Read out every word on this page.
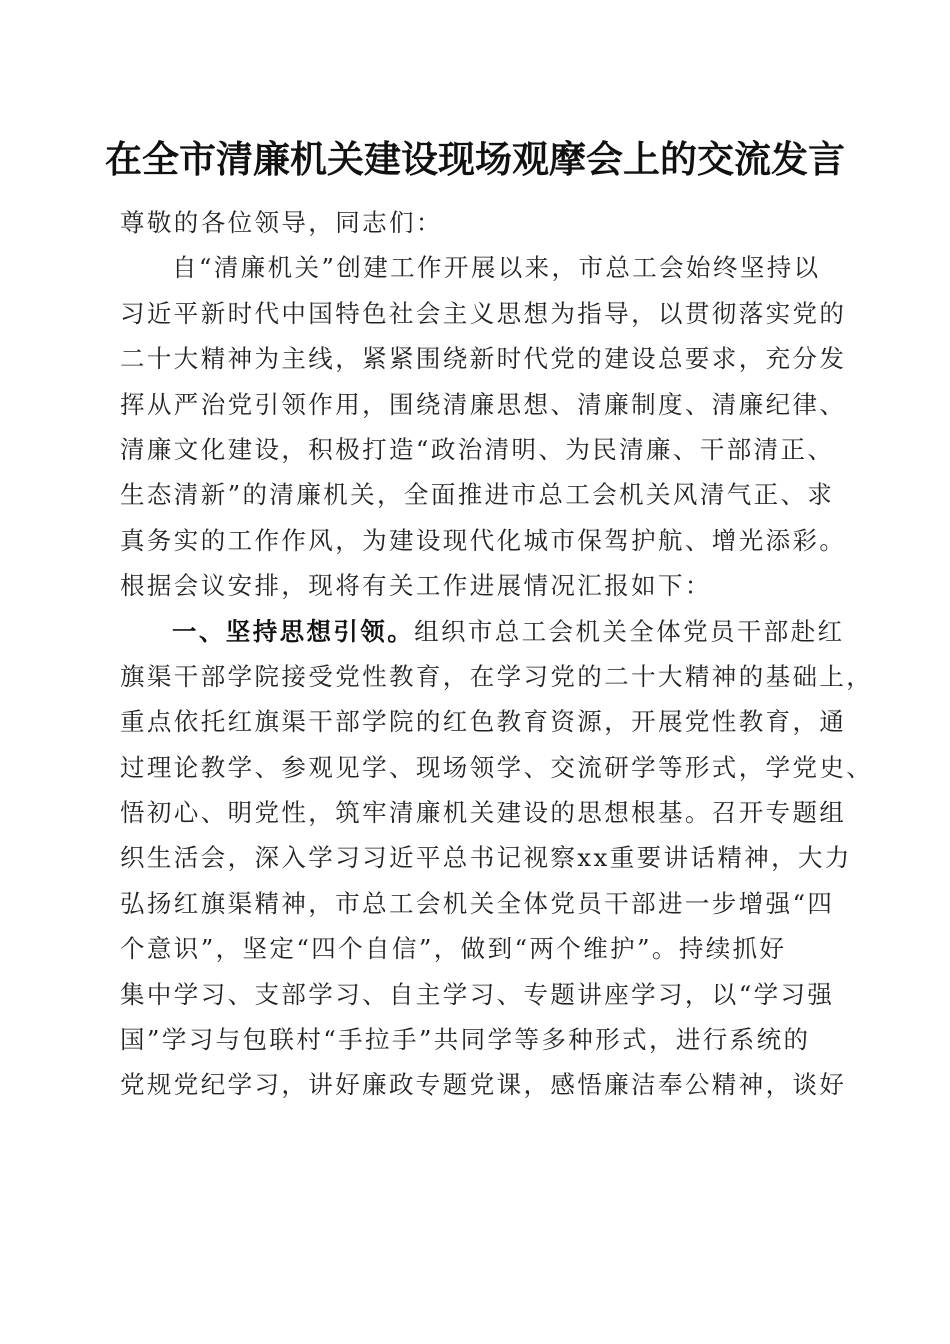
在全市清廉机关建设现场观摩会上的交流发言
尊敬的各位领导，同志们：
自“清廉机关”创建工作开展以来，市总工会始终坚持以
习近平新时代中国特色社会主义思想为指导，以贯彻落实党的
二十大精神为主线，紧紧围绕新时代党的建设总要求，充分发
挥从严治党引领作用，围绕清廉思想、清廉制度、清廉纪律、
清廉文化建设，积极打造“政治清明、为民清廉、干部清正、
生态清新”的清廉机关，全面推进市总工会机关风清气正、求
真务实的工作作风，为建设现代化城市保驾护航、增光添彩。
根据会议安排，现将有关工作进展情况汇报如下：
一、坚持思想引领。组织市总工会机关全体党员干部赴红
旗渠干部学院接受党性教育，在学习党的二十大精神的基础上，
重点依托红旗渠干部学院的红色教育资源，开展党性教育，通
过理论教学、参观见学、现场领学、交流研学等形式，学党史、
悟初心、明党性，筑牢清廉机关建设的思想根基。召开专题组
织生活会，深入学习习近平总书记视察xx重要讲话精神，大力
弘扬红旗渠精神，市总工会机关全体党员干部进一步增强“四
个意识”，坚定“四个自信”，做到“两个维护”。持续抓好
集中学习、支部学习、自主学习、专题讲座学习，以“学习强
国”学习与包联村“手拉手”共同学等多种形式，进行系统的
党规党纪学习，讲好廉政专题党课，感悟廉洁奉公精神，谈好
